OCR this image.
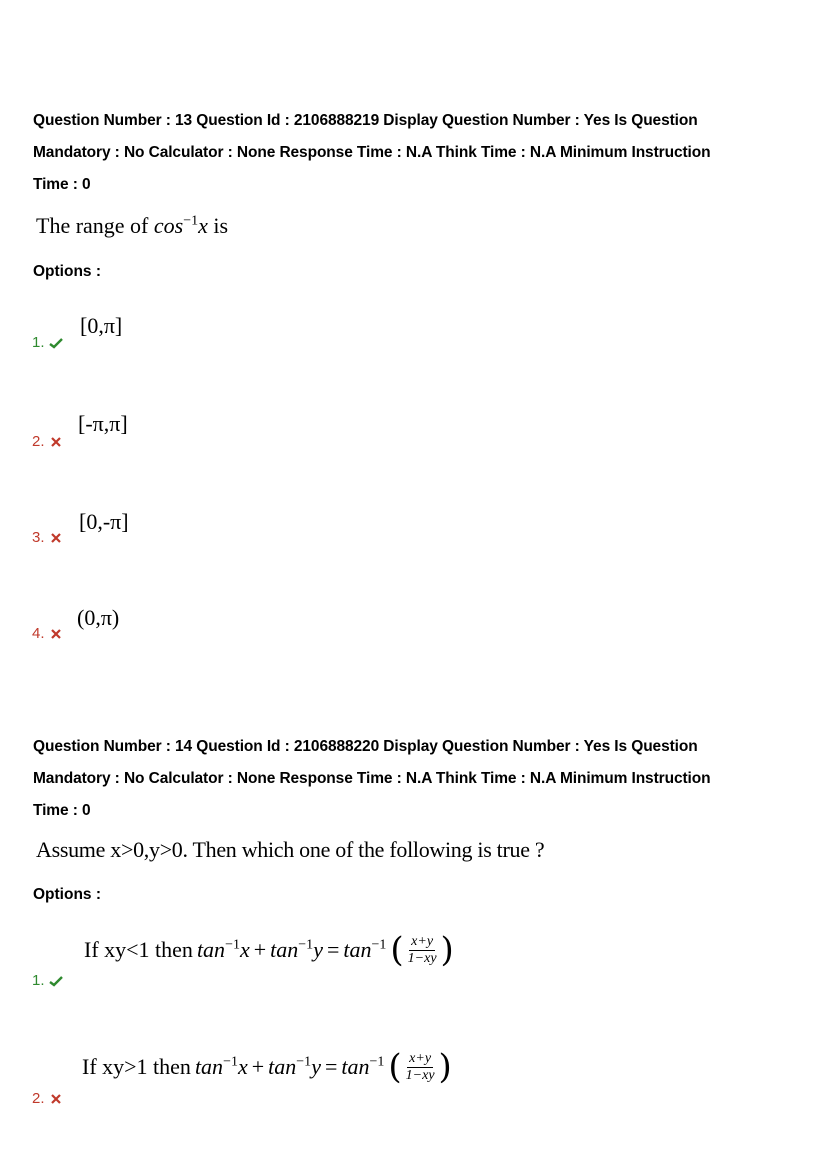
Question Number : 13 Question Id : 2106888219 Display Question Number : Yes Is Question
Mandatory : No Calculator : None Response Time : N.A Think Time : N.A Minimum Instruction
Time : 0
The range of $\cos^{-1}x$ is
Options :
[0,π]
1.
[-π,π]
2.
[0,-π]
3.
(0,π)
4.
Question Number : 14 Question Id : 2106888220 Display Question Number : Yes Is Question
Mandatory : No Calculator : None Response Time : N.A Think Time : N.A Minimum Instruction
Time : 0
Assume x>0,y>0. Then which one of the following is true ?
Options :
If xy<1 then $\tan^{-1}x + \tan^{-1}y = \tan^{-1}$ ( $\frac{x+y}{1-xy}$ )
1.
If xy>1 then $\tan^{-1}x + \tan^{-1}y = \tan^{-1}$ ( $\frac{x+y}{1-xy}$ )
2.
